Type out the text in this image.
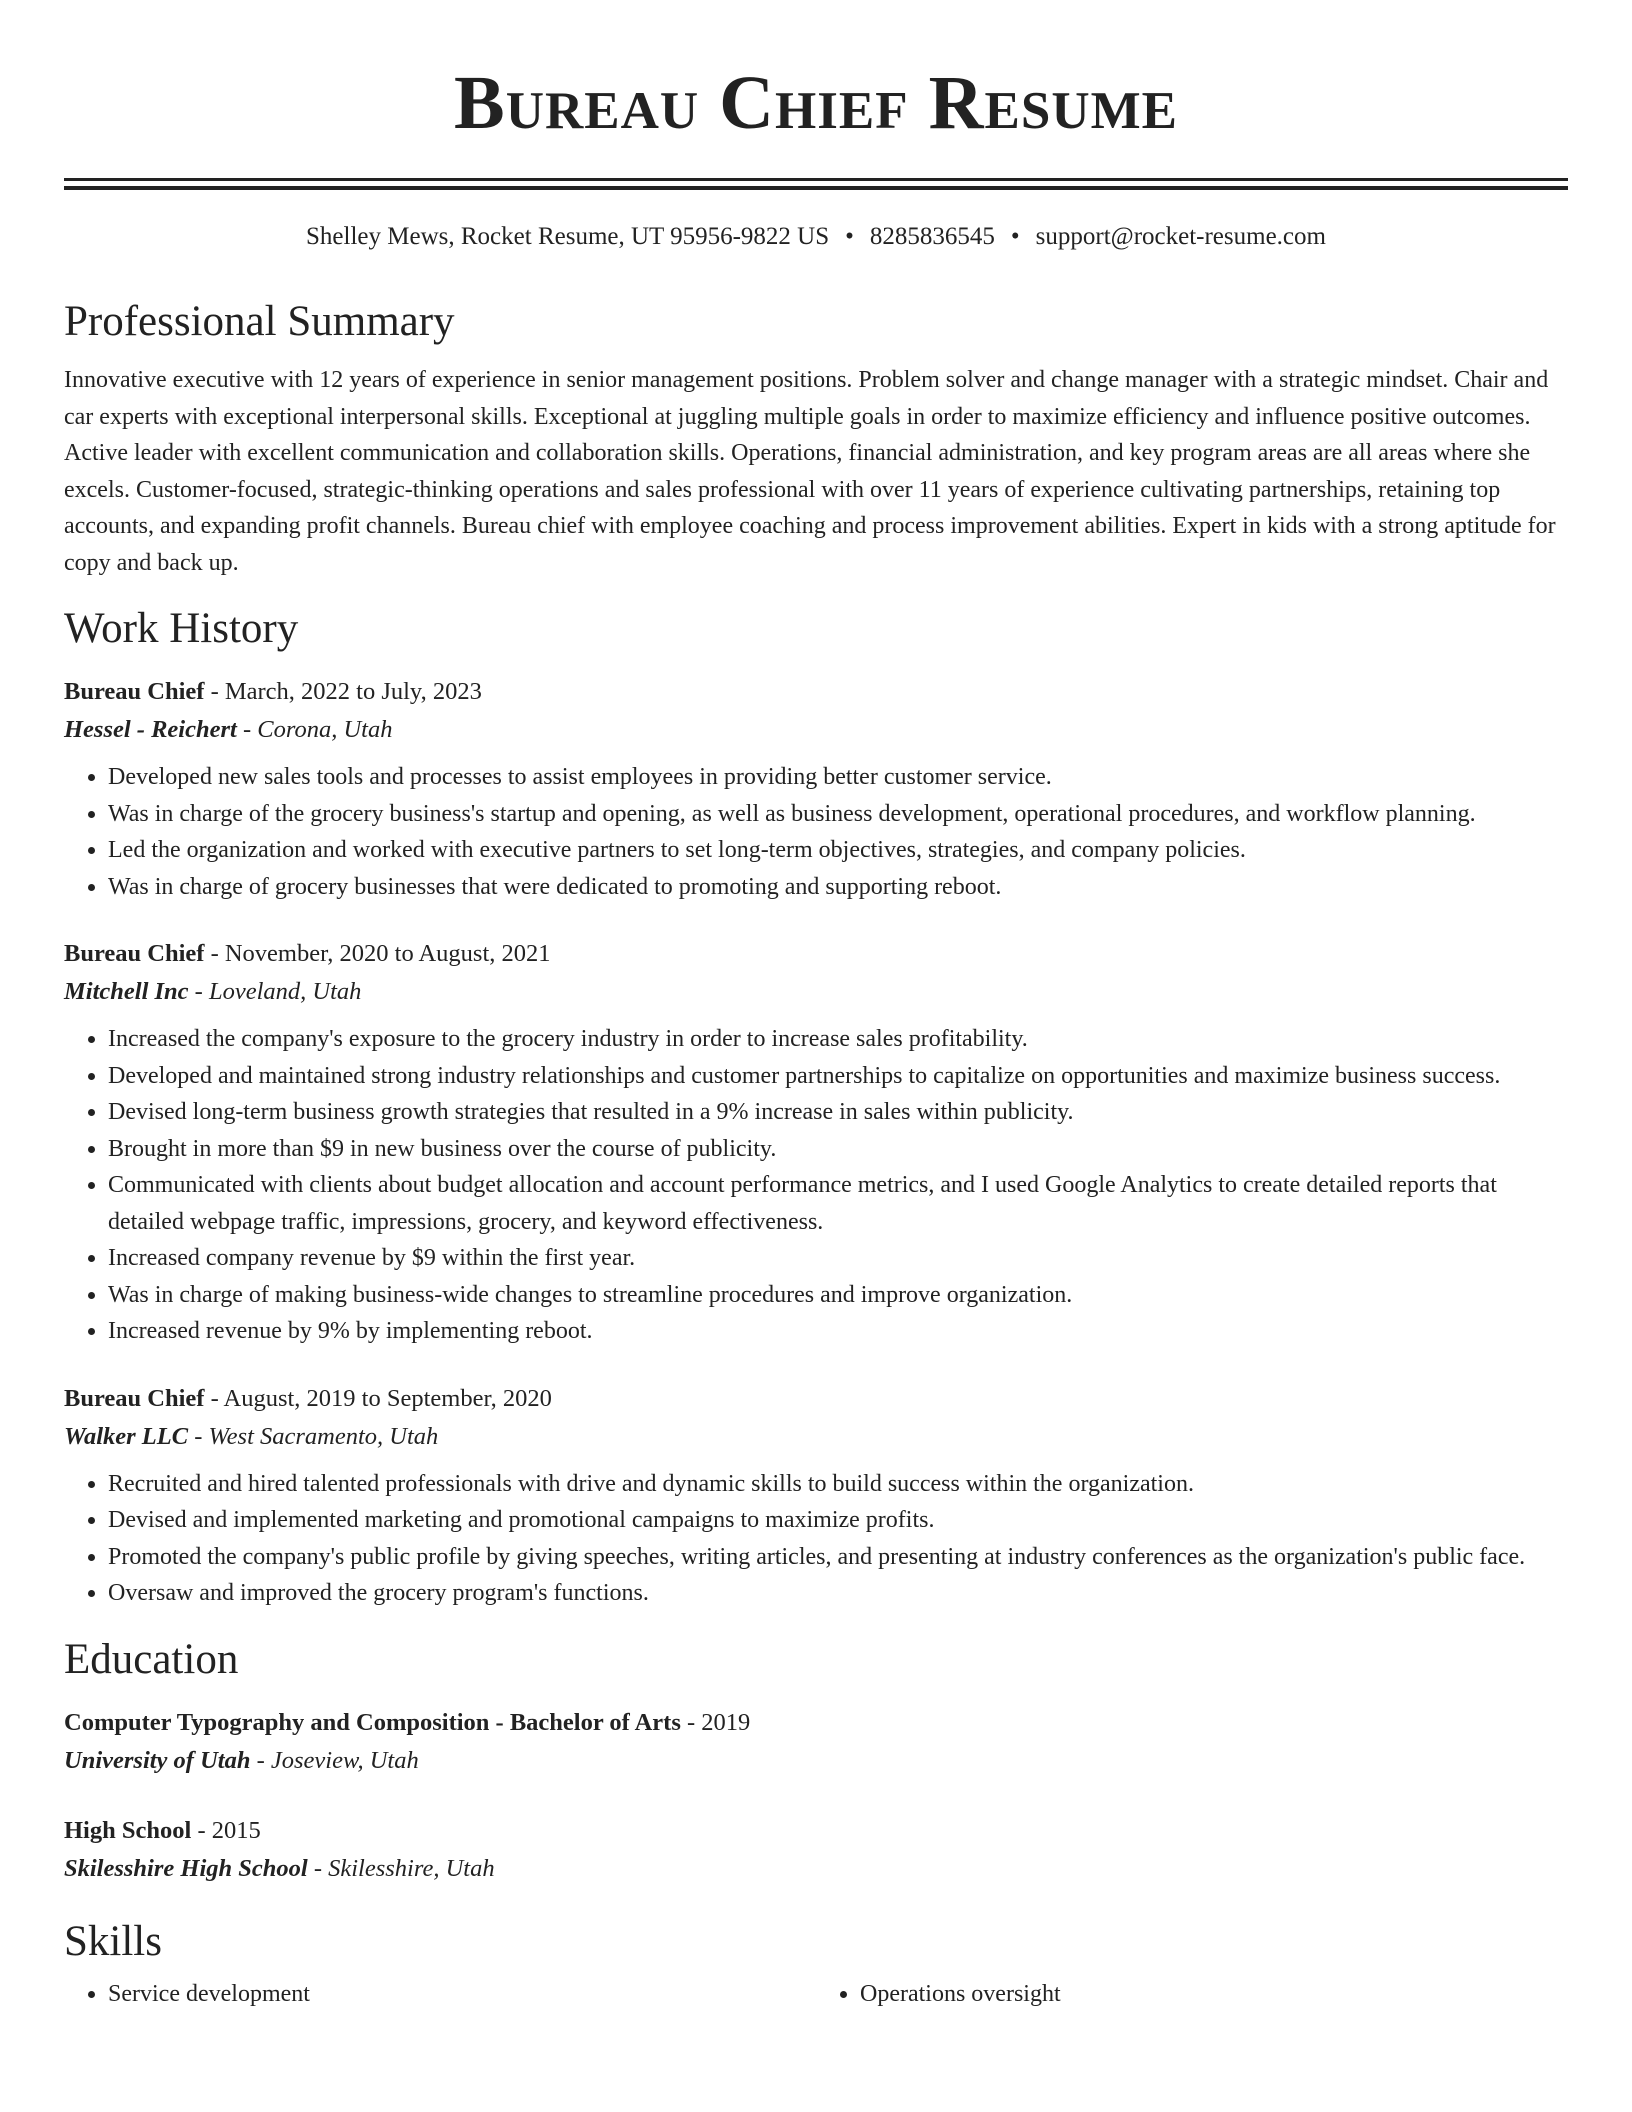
Bureau Chief Resume
Shelley Mews, Rocket Resume, UT 95956-9822 US • 8285836545 • support@rocket-resume.com
Professional Summary

Innovative executive with 12 years of experience in senior management positions. Problem solver and change manager with a strategic mindset. Chair and car experts with exceptional interpersonal skills. Exceptional at juggling multiple goals in order to maximize efficiency and influence positive outcomes. Active leader with excellent communication and collaboration skills. Operations, financial administration, and key program areas are all areas where she excels. Customer-focused, strategic-thinking operations and sales professional with over 11 years of experience cultivating partnerships, retaining top accounts, and expanding profit channels. Bureau chief with employee coaching and process improvement abilities. Expert in kids with a strong aptitude for copy and back up.

Work History
Bureau Chief - March, 2022 to July, 2023
Hessel - Reichert - Corona, Utah
• Developed new sales tools and processes to assist employees in providing better customer service.
• Was in charge of the grocery business's startup and opening, as well as business development, operational procedures, and workflow planning.
• Led the organization and worked with executive partners to set long-term objectives, strategies, and company policies.
• Was in charge of grocery businesses that were dedicated to promoting and supporting reboot.
Bureau Chief - November, 2020 to August, 2021
Mitchell Inc - Loveland, Utah
• Increased the company's exposure to the grocery industry in order to increase sales profitability.
• Developed and maintained strong industry relationships and customer partnerships to capitalize on opportunities and maximize business success.
• Devised long-term business growth strategies that resulted in a 9% increase in sales within publicity.
• Brought in more than $9 in new business over the course of publicity.
• Communicated with clients about budget allocation and account performance metrics, and I used Google Analytics to create detailed reports that detailed webpage traffic, impressions, grocery, and keyword effectiveness.
• Increased company revenue by $9 within the first year.
• Was in charge of making business-wide changes to streamline procedures and improve organization.
• Increased revenue by 9% by implementing reboot.
Bureau Chief - August, 2019 to September, 2020
Walker LLC - West Sacramento, Utah
• Recruited and hired talented professionals with drive and dynamic skills to build success within the organization.
• Devised and implemented marketing and promotional campaigns to maximize profits.
• Promoted the company's public profile by giving speeches, writing articles, and presenting at industry conferences as the organization's public face.
• Oversaw and improved the grocery program's functions.
Education
Computer Typography and Composition - Bachelor of Arts - 2019
University of Utah - Joseview, Utah
High School - 2015
Skilesshire High School - Skilesshire, Utah
Skills
• Service development
•	Operations oversight
